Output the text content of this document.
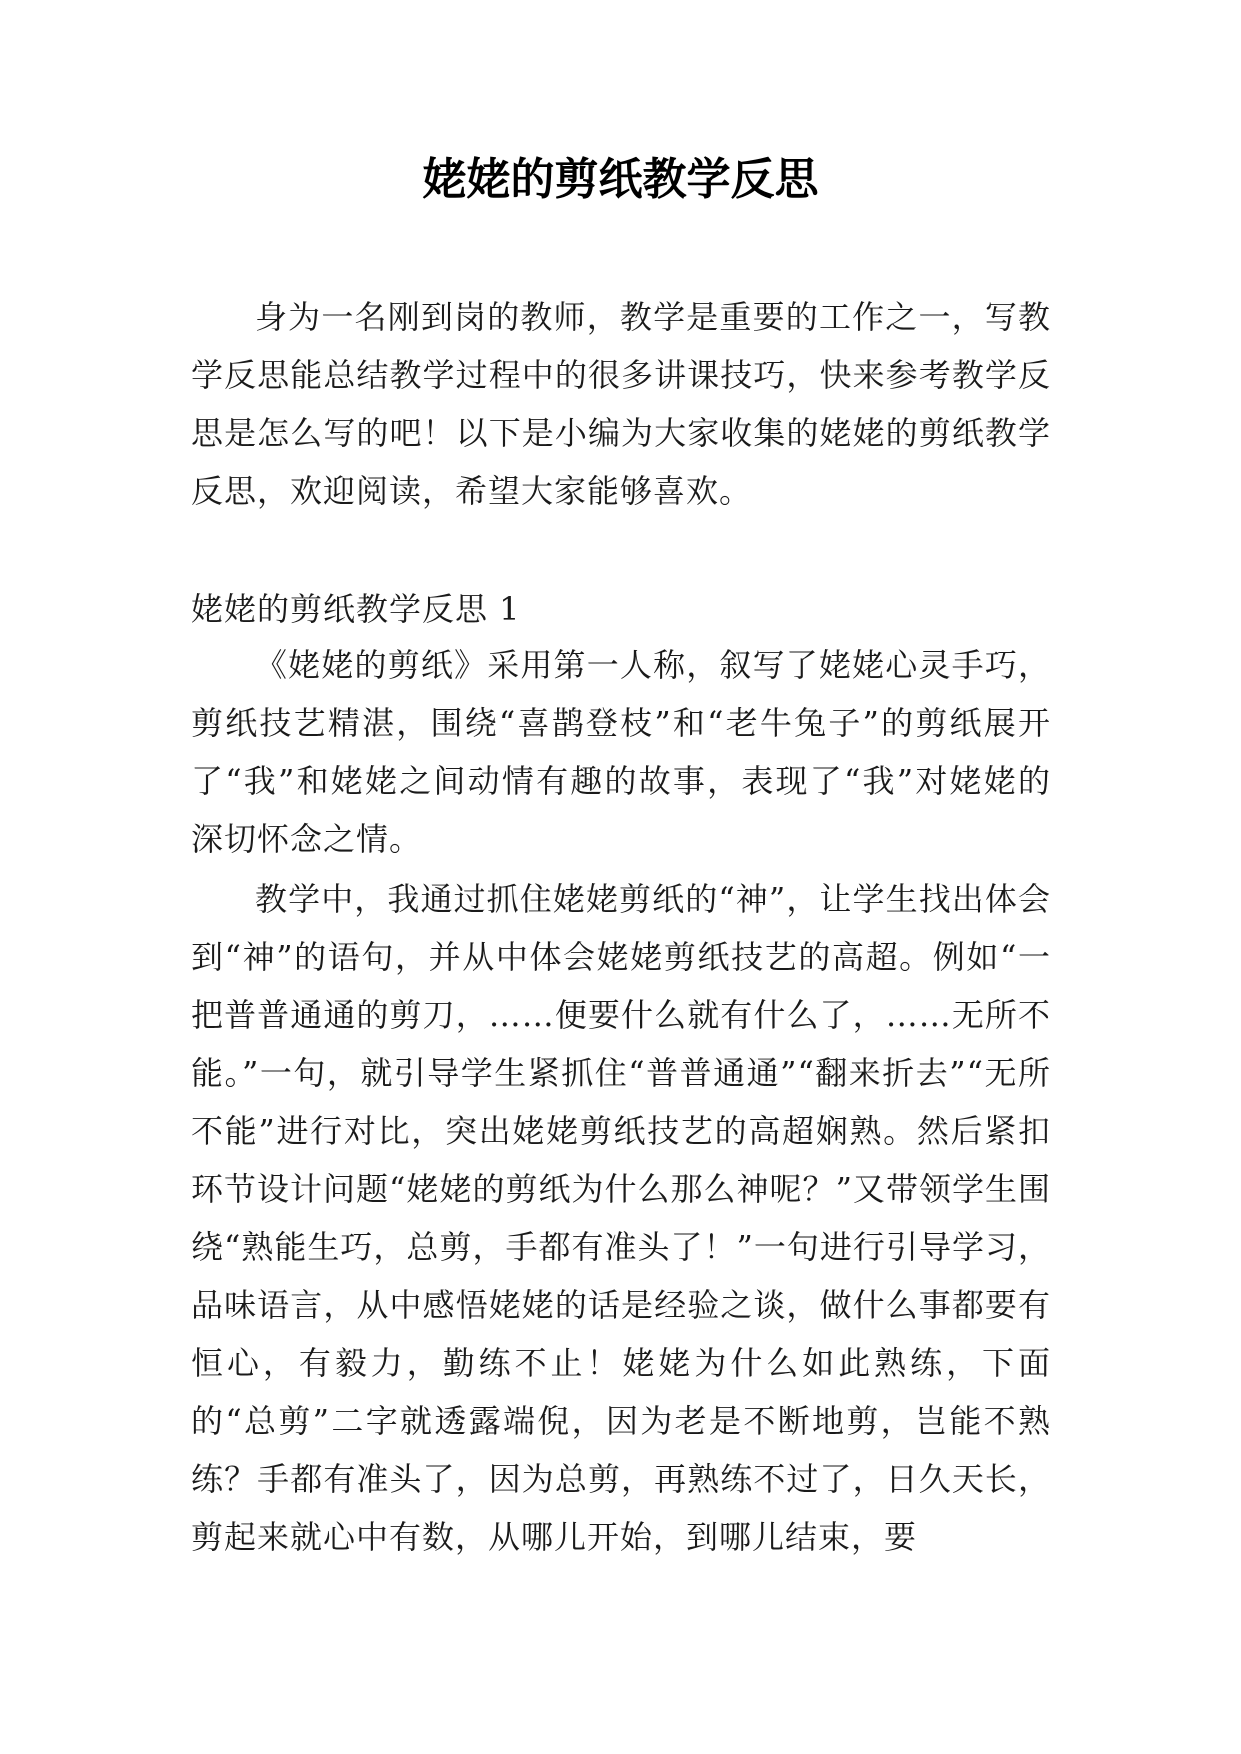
姥姥的剪纸教学反思

身为一名刚到岗的教师，教学是重要的工作之一，写教学反思能总结教学过程中的很多讲课技巧，快来参考教学反思是怎么写的吧！以下是小编为大家收集的姥姥的剪纸教学反思，欢迎阅读，希望大家能够喜欢。

姥姥的剪纸教学反思 1

《姥姥的剪纸》采用第一人称，叙写了姥姥心灵手巧，剪纸技艺精湛，围绕“喜鹊登枝”和“老牛兔子”的剪纸展开了“我”和姥姥之间动情有趣的故事，表现了“我”对姥姥的深切怀念之情。

教学中，我通过抓住姥姥剪纸的“神”，让学生找出体会到“神”的语句，并从中体会姥姥剪纸技艺的高超。例如“一把普普通通的剪刀，……便要什么就有什么了，……无所不能。”一句，就引导学生紧抓住“普普通通”“翻来折去”“无所不能”进行对比，突出姥姥剪纸技艺的高超娴熟。然后紧扣环节设计问题“姥姥的剪纸为什么那么神呢？”又带领学生围绕“熟能生巧，总剪，手都有准头了！”一句进行引导学习，品味语言，从中感悟姥姥的话是经验之谈，做什么事都要有恒心，有毅力，勤练不止！姥姥为什么如此熟练，下面的“总剪”二字就透露端倪，因为老是不断地剪，岂能不熟练？手都有准头了，因为总剪，再熟练不过了，日久天长，剪起来就心中有数，从哪儿开始，到哪儿结束，要
